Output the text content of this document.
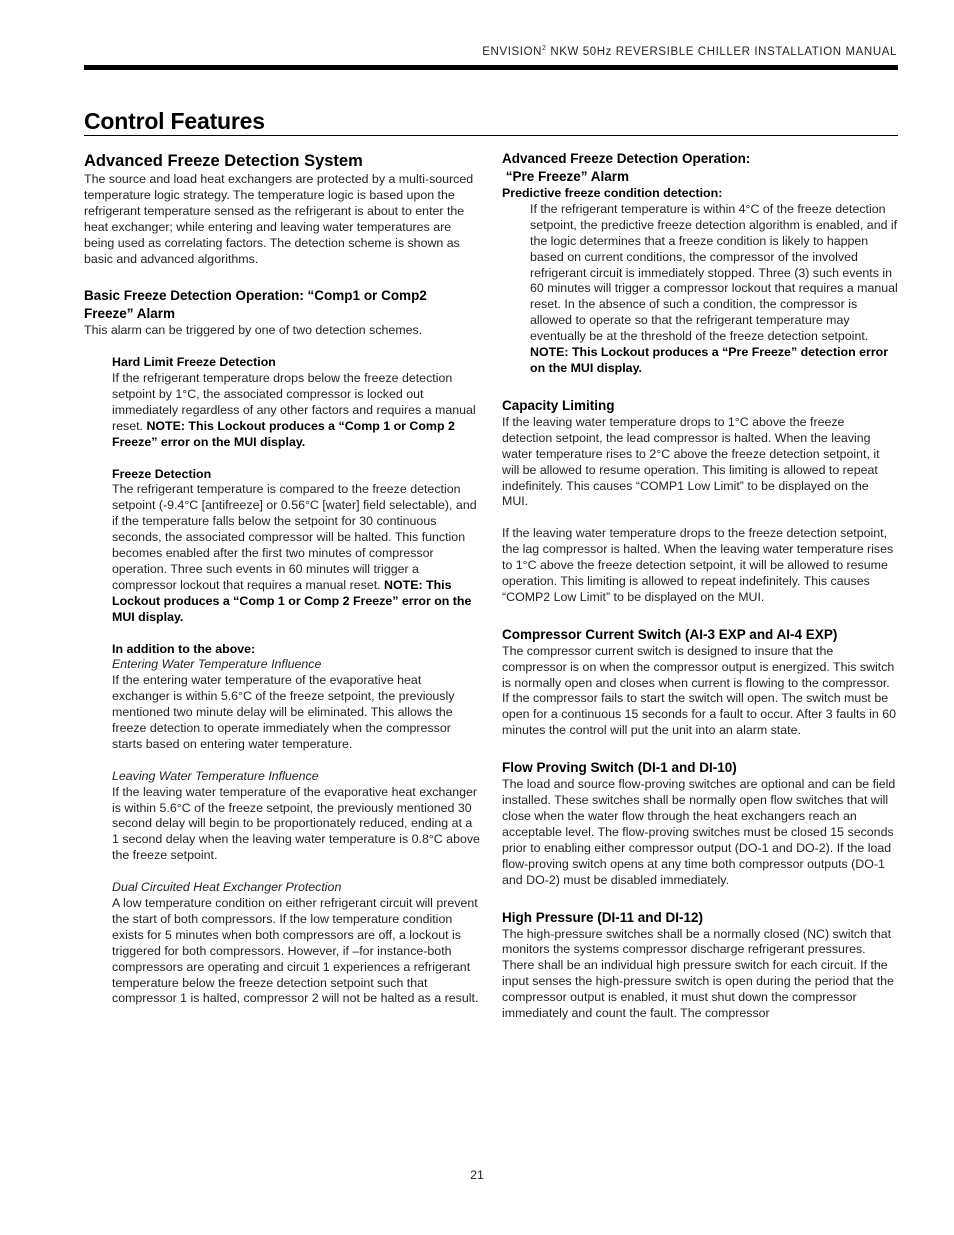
ENVISION$^2$ NKW 50Hz REVERSIBLE CHILLER INSTALLATION MANUAL
Control Features
Advanced Freeze Detection System

The source and load heat exchangers are protected by a multi-sourced temperature logic strategy. The temperature logic is based upon the refrigerant temperature sensed as the refrigerant is about to enter the heat exchanger; while entering and leaving water temperatures are being used as correlating factors. The detection scheme is shown as basic and advanced algorithms.

Basic Freeze Detection Operation: “Comp1 or Comp2 Freeze” Alarm

This alarm can be triggered by one of two detection schemes.

Hard Limit Freeze Detection

If the refrigerant temperature drops below the freeze detection setpoint by 1°C, the associated compressor is locked out immediately regardless of any other factors and requires a manual reset. NOTE: This Lockout produces a “Comp 1 or Comp 2 Freeze” error on the MUI display.

Freeze Detection

The refrigerant temperature is compared to the freeze detection setpoint (-9.4°C [antifreeze] or 0.56°C [water] field selectable), and if the temperature falls below the setpoint for 30 continuous seconds, the associated compressor will be halted. This function becomes enabled after the first two minutes of compressor operation. Three such events in 60 minutes will trigger a compressor lockout that requires a manual reset. NOTE: This Lockout produces a “Comp 1 or Comp 2 Freeze” error on the MUI display.

In addition to the above:

Entering Water Temperature Influence

If the entering water temperature of the evaporative heat exchanger is within 5.6°C of the freeze setpoint, the previously mentioned two minute delay will be eliminated. This allows the freeze detection to operate immediately when the compressor starts based on entering water temperature.

Leaving Water Temperature Influence

If the leaving water temperature of the evaporative heat exchanger is within 5.6°C of the freeze setpoint, the previously mentioned 30 second delay will begin to be proportionately reduced, ending at a 1 second delay when the leaving water temperature is 0.8°C above the freeze setpoint.

Dual Circuited Heat Exchanger Protection

A low temperature condition on either refrigerant circuit will prevent the start of both compressors. If the low temperature condition exists for 5 minutes when both compressors are off, a lockout is triggered for both compressors. However, if –for instance-both compressors are operating and circuit 1 experiences a refrigerant temperature below the freeze detection setpoint such that compressor 1 is halted, compressor 2 will not be halted as a result.

Advanced Freeze Detection Operation:
“Pre Freeze” Alarm
Predictive freeze condition detection:

If the refrigerant temperature is within 4°C of the freeze detection setpoint, the predictive freeze detection algorithm is enabled, and if the logic determines that a freeze condition is likely to happen based on current conditions, the compressor of the involved refrigerant circuit is immediately stopped. Three (3) such events in 60 minutes will trigger a compressor lockout that requires a manual reset. In the absence of such a condition, the compressor is allowed to operate so that the refrigerant temperature may eventually be at the threshold of the freeze detection setpoint. NOTE: This Lockout produces a “Pre Freeze” detection error on the MUI display.

Capacity Limiting

If the leaving water temperature drops to 1°C above the freeze detection setpoint, the lead compressor is halted. When the leaving water temperature rises to 2°C above the freeze detection setpoint, it will be allowed to resume operation. This limiting is allowed to repeat indefinitely. This causes “COMP1 Low Limit” to be displayed on the MUI.

If the leaving water temperature drops to the freeze detection setpoint, the lag compressor is halted. When the leaving water temperature rises to 1°C above the freeze detection setpoint, it will be allowed to resume operation. This limiting is allowed to repeat indefinitely. This causes “COMP2 Low Limit” to be displayed on the MUI.

Compressor Current Switch (AI-3 EXP and AI-4 EXP)

The compressor current switch is designed to insure that the compressor is on when the compressor output is energized. This switch is normally open and closes when current is flowing to the compressor. If the compressor fails to start the switch will open. The switch must be open for a continuous 15 seconds for a fault to occur. After 3 faults in 60 minutes the control will put the unit into an alarm state.

Flow Proving Switch (DI-1 and DI-10)

The load and source flow-proving switches are optional and can be field installed. These switches shall be normally open flow switches that will close when the water flow through the heat exchangers reach an acceptable level. The flow-proving switches must be closed 15 seconds prior to enabling either compressor output (DO-1 and DO-2). If the load flow-proving switch opens at any time both compressor outputs (DO-1 and DO-2) must be disabled immediately.

High Pressure (DI-11 and DI-12)

The high-pressure switches shall be a normally closed (NC) switch that monitors the systems compressor discharge refrigerant pressures. There shall be an individual high pressure switch for each circuit. If the input senses the high-pressure switch is open during the period that the compressor output is enabled, it must shut down the compressor immediately and count the fault. The compressor

21
